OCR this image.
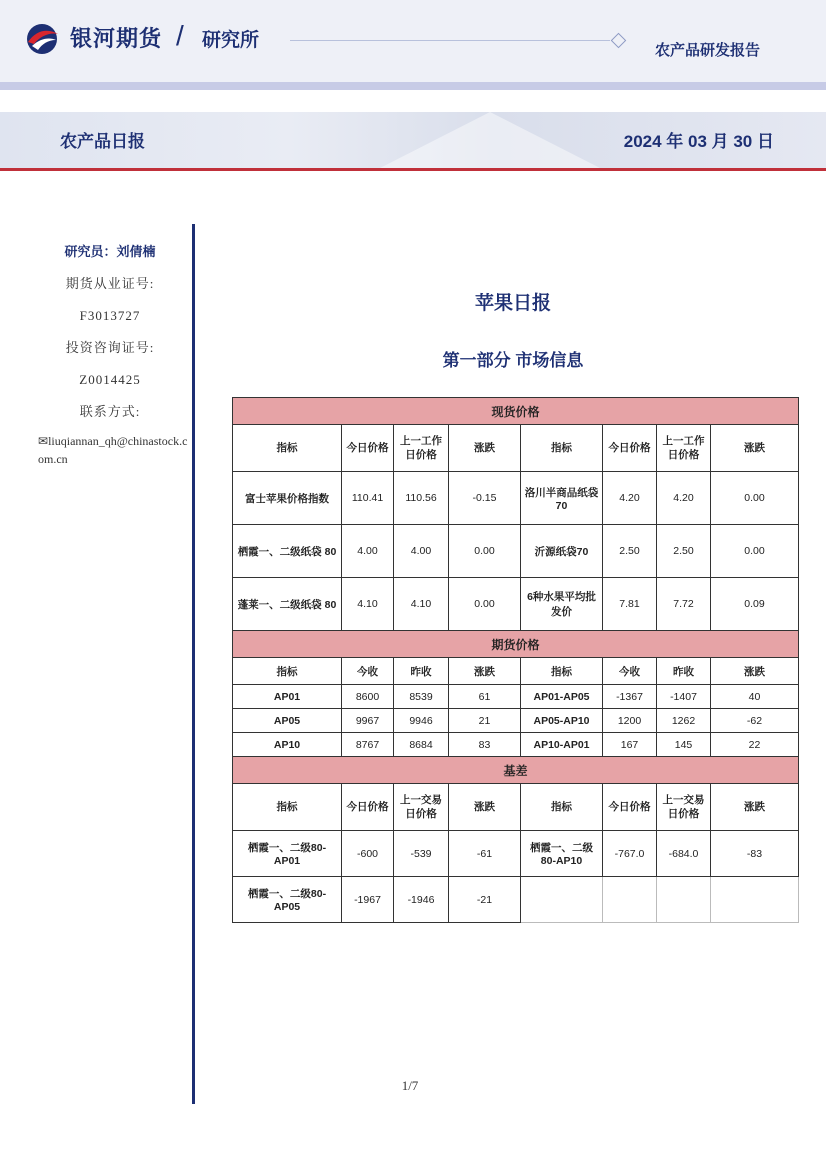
银河期货 / 研究所	农产品研发报告
农产品日报	2024 年 03 月 30 日
研究员：刘倩楠
期货从业证号:
F3013727
投资咨询证号:
Z0014425
联系方式:
✉liuqiannan_qh@chinastock.com.cn
苹果日报
第一部分 市场信息
现货价格							
指标	今日价格	上一工作日价格	涨跌	指标	今日价格	上一工作日价格	涨跌
富士苹果价格指数	110.41	110.56	-0.15	洛川半商品纸袋70	4.20	4.20	0.00
栖霞一、二级纸袋 80	4.00	4.00	0.00	沂源纸袋70	2.50	2.50	0.00
蓬莱一、二级纸袋 80	4.10	4.10	0.00	6种水果平均批发价	7.81	7.72	0.09
期货价格							
指标	今收	昨收	涨跌	指标	今收	昨收	涨跌
AP01	8600	8539	61	AP01-AP05	-1367	-1407	40
AP05	9967	9946	21	AP05-AP10	1200	1262	-62
AP10	8767	8684	83	AP10-AP01	167	145	22
基差							
指标	今日价格	上一交易日价格	涨跌	指标	今日价格	上一交易日价格	涨跌
栖霞一、二级80-AP01	-600	-539	-61	栖霞一、二级80-AP10	-767.0	-684.0	-83
栖霞一、二级80-AP05	-1967	-1946	-21				
1/7
